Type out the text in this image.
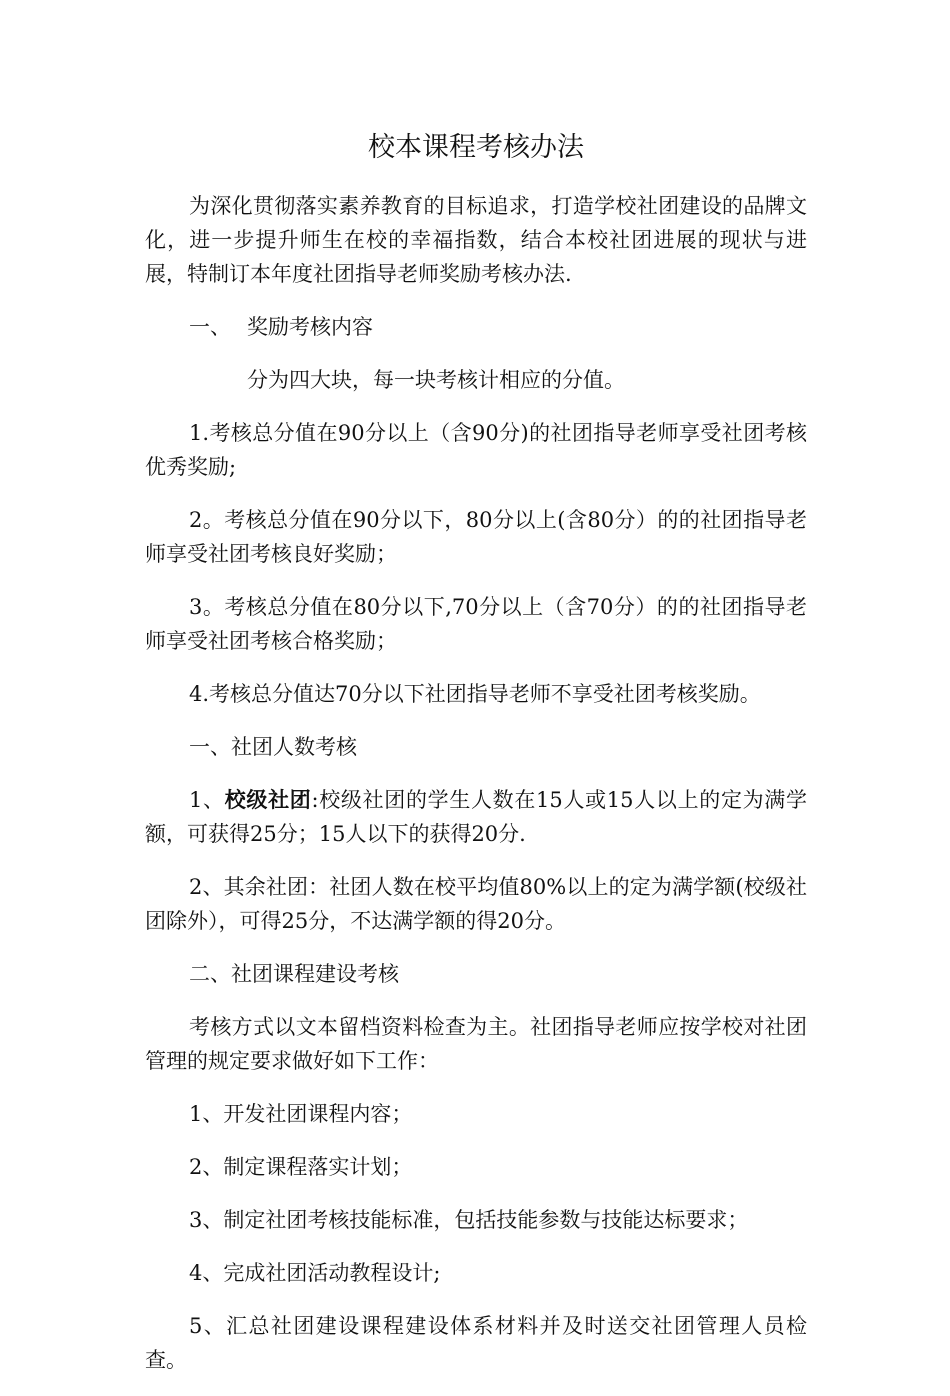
校本课程考核办法

为深化贯彻落实素养教育的目标追求，打造学校社团建设的品牌文化，进一步提升师生在校的幸福指数，结合本校社团进展的现状与进展，特制订本年度社团指导老师奖励考核办法.

一、 奖励考核内容

分为四大块，每一块考核计相应的分值。

1.考核总分值在90分以上（含90分)的社团指导老师享受社团考核优秀奖励;

2。考核总分值在90分以下，80分以上(含80分）的的社团指导老师享受社团考核良好奖励；

3。考核总分值在80分以下,70分以上（含70分）的的社团指导老师享受社团考核合格奖励；

4.考核总分值达70分以下社团指导老师不享受社团考核奖励。

一、社团人数考核

1、校级社团:校级社团的学生人数在15人或15人以上的定为满学额，可获得25分；15人以下的获得20分.

2、其余社团：社团人数在校平均值80%以上的定为满学额(校级社团除外），可得25分，不达满学额的得20分。

二、社团课程建设考核

考核方式以文本留档资料检查为主。社团指导老师应按学校对社团管理的规定要求做好如下工作：

1、开发社团课程内容；

2、制定课程落实计划；

3、制定社团考核技能标准，包括技能参数与技能达标要求；

4、完成社团活动教程设计;

5、汇总社团建设课程建设体系材料并及时送交社团管理人员检查。
